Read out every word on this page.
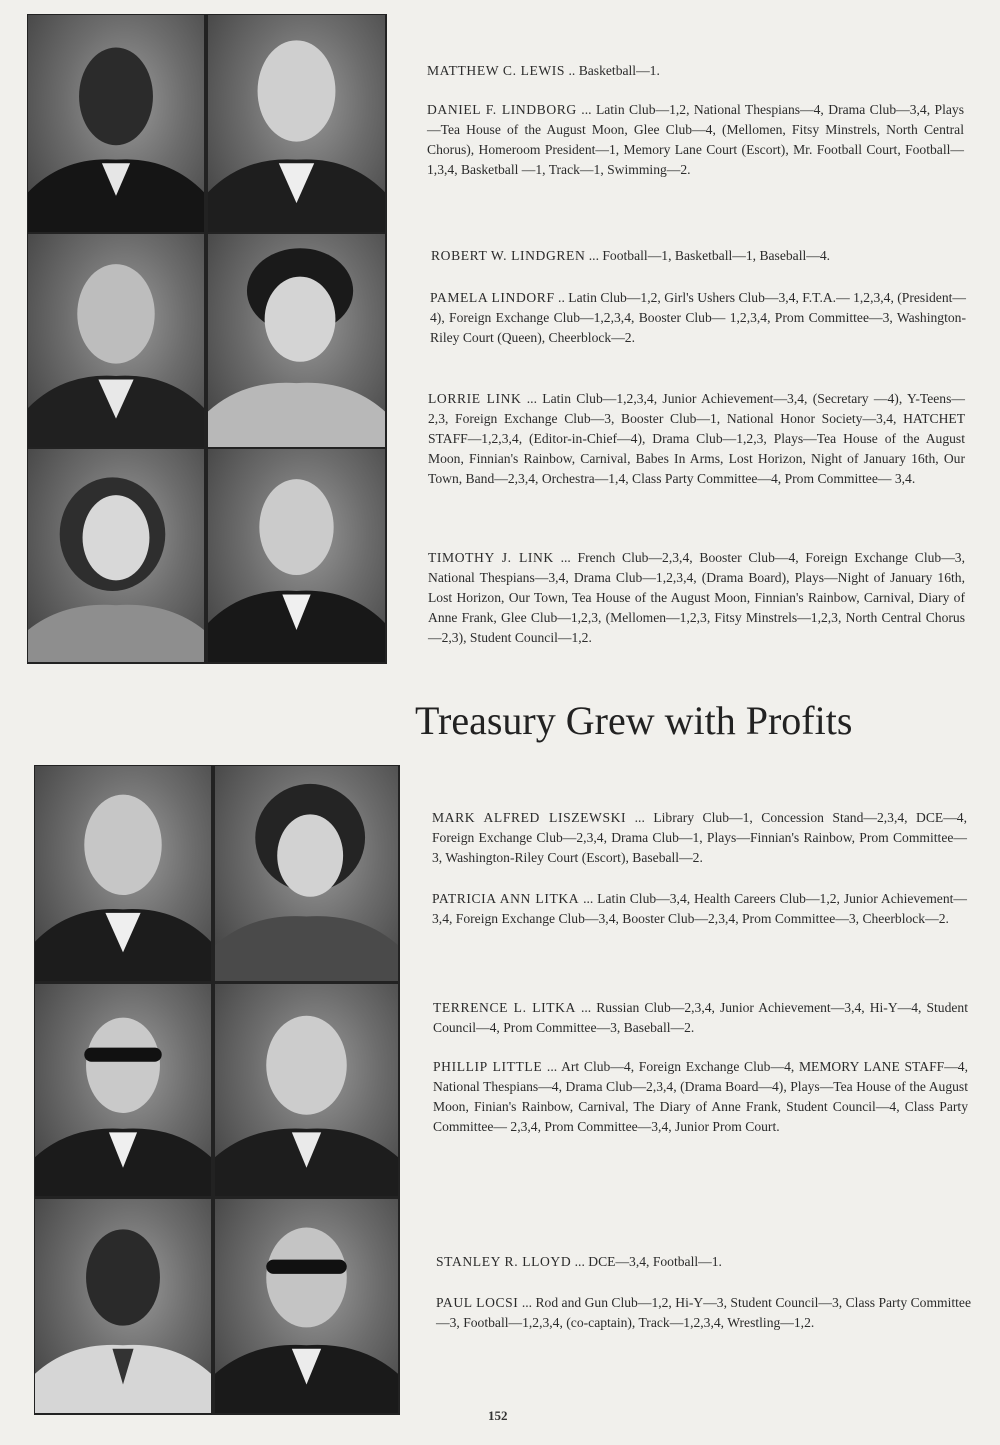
MATTHEW C. LEWIS .. Basketball—1.
DANIEL F. LINDBORG ... Latin Club—1,2, National Thespians—4, Drama Club—3,4, Plays—Tea House of the August Moon, Glee Club—4, (Mellomen, Fitsy Minstrels, North Central Chorus), Homeroom President—1, Memory Lane Court (Escort), Mr. Football Court, Football—1,3,4, Basketball —1, Track—1, Swimming—2.
ROBERT W. LINDGREN ... Football—1, Basketball—1, Baseball—4.
PAMELA LINDORF .. Latin Club—1,2, Girl's Ushers Club—3,4, F.T.A.— 1,2,3,4, (President—4), Foreign Exchange Club—1,2,3,4, Booster Club— 1,2,3,4, Prom Committee—3, Washington-Riley Court (Queen), Cheerblock—2.
LORRIE LINK ... Latin Club—1,2,3,4, Junior Achievement—3,4, (Secretary —4), Y-Teens—2,3, Foreign Exchange Club—3, Booster Club—1, National Honor Society—3,4, HATCHET STAFF—1,2,3,4, (Editor-in-Chief—4), Drama Club—1,2,3, Plays—Tea House of the August Moon, Finnian's Rainbow, Carnival, Babes In Arms, Lost Horizon, Night of January 16th, Our Town, Band—2,3,4, Orchestra—1,4, Class Party Committee—4, Prom Committee— 3,4.
TIMOTHY J. LINK ... French Club—2,3,4, Booster Club—4, Foreign Exchange Club—3, National Thespians—3,4, Drama Club—1,2,3,4, (Drama Board), Plays—Night of January 16th, Lost Horizon, Our Town, Tea House of the August Moon, Finnian's Rainbow, Carnival, Diary of Anne Frank, Glee Club—1,2,3, (Mellomen—1,2,3, Fitsy Minstrels—1,2,3, North Central Chorus —2,3), Student Council—1,2.
Treasury Grew with Profits
MARK ALFRED LISZEWSKI ... Library Club—1, Concession Stand—2,3,4, DCE—4, Foreign Exchange Club—2,3,4, Drama Club—1, Plays—Finnian's Rainbow, Prom Committee—3, Washington-Riley Court (Escort), Baseball—2.
PATRICIA ANN LITKA ... Latin Club—3,4, Health Careers Club—1,2, Junior Achievement—3,4, Foreign Exchange Club—3,4, Booster Club—2,3,4, Prom Committee—3, Cheerblock—2.
TERRENCE L. LITKA ... Russian Club—2,3,4, Junior Achievement—3,4, Hi-Y—4, Student Council—4, Prom Committee—3, Baseball—2.
PHILLIP LITTLE ... Art Club—4, Foreign Exchange Club—4, MEMORY LANE STAFF—4, National Thespians—4, Drama Club—2,3,4, (Drama Board—4), Plays—Tea House of the August Moon, Finian's Rainbow, Carnival, The Diary of Anne Frank, Student Council—4, Class Party Committee— 2,3,4, Prom Committee—3,4, Junior Prom Court.
STANLEY R. LLOYD ... DCE—3,4, Football—1.
PAUL LOCSI ... Rod and Gun Club—1,2, Hi-Y—3, Student Council—3, Class Party Committee—3, Football—1,2,3,4, (co-captain), Track—1,2,3,4, Wrestling—1,2.
152
